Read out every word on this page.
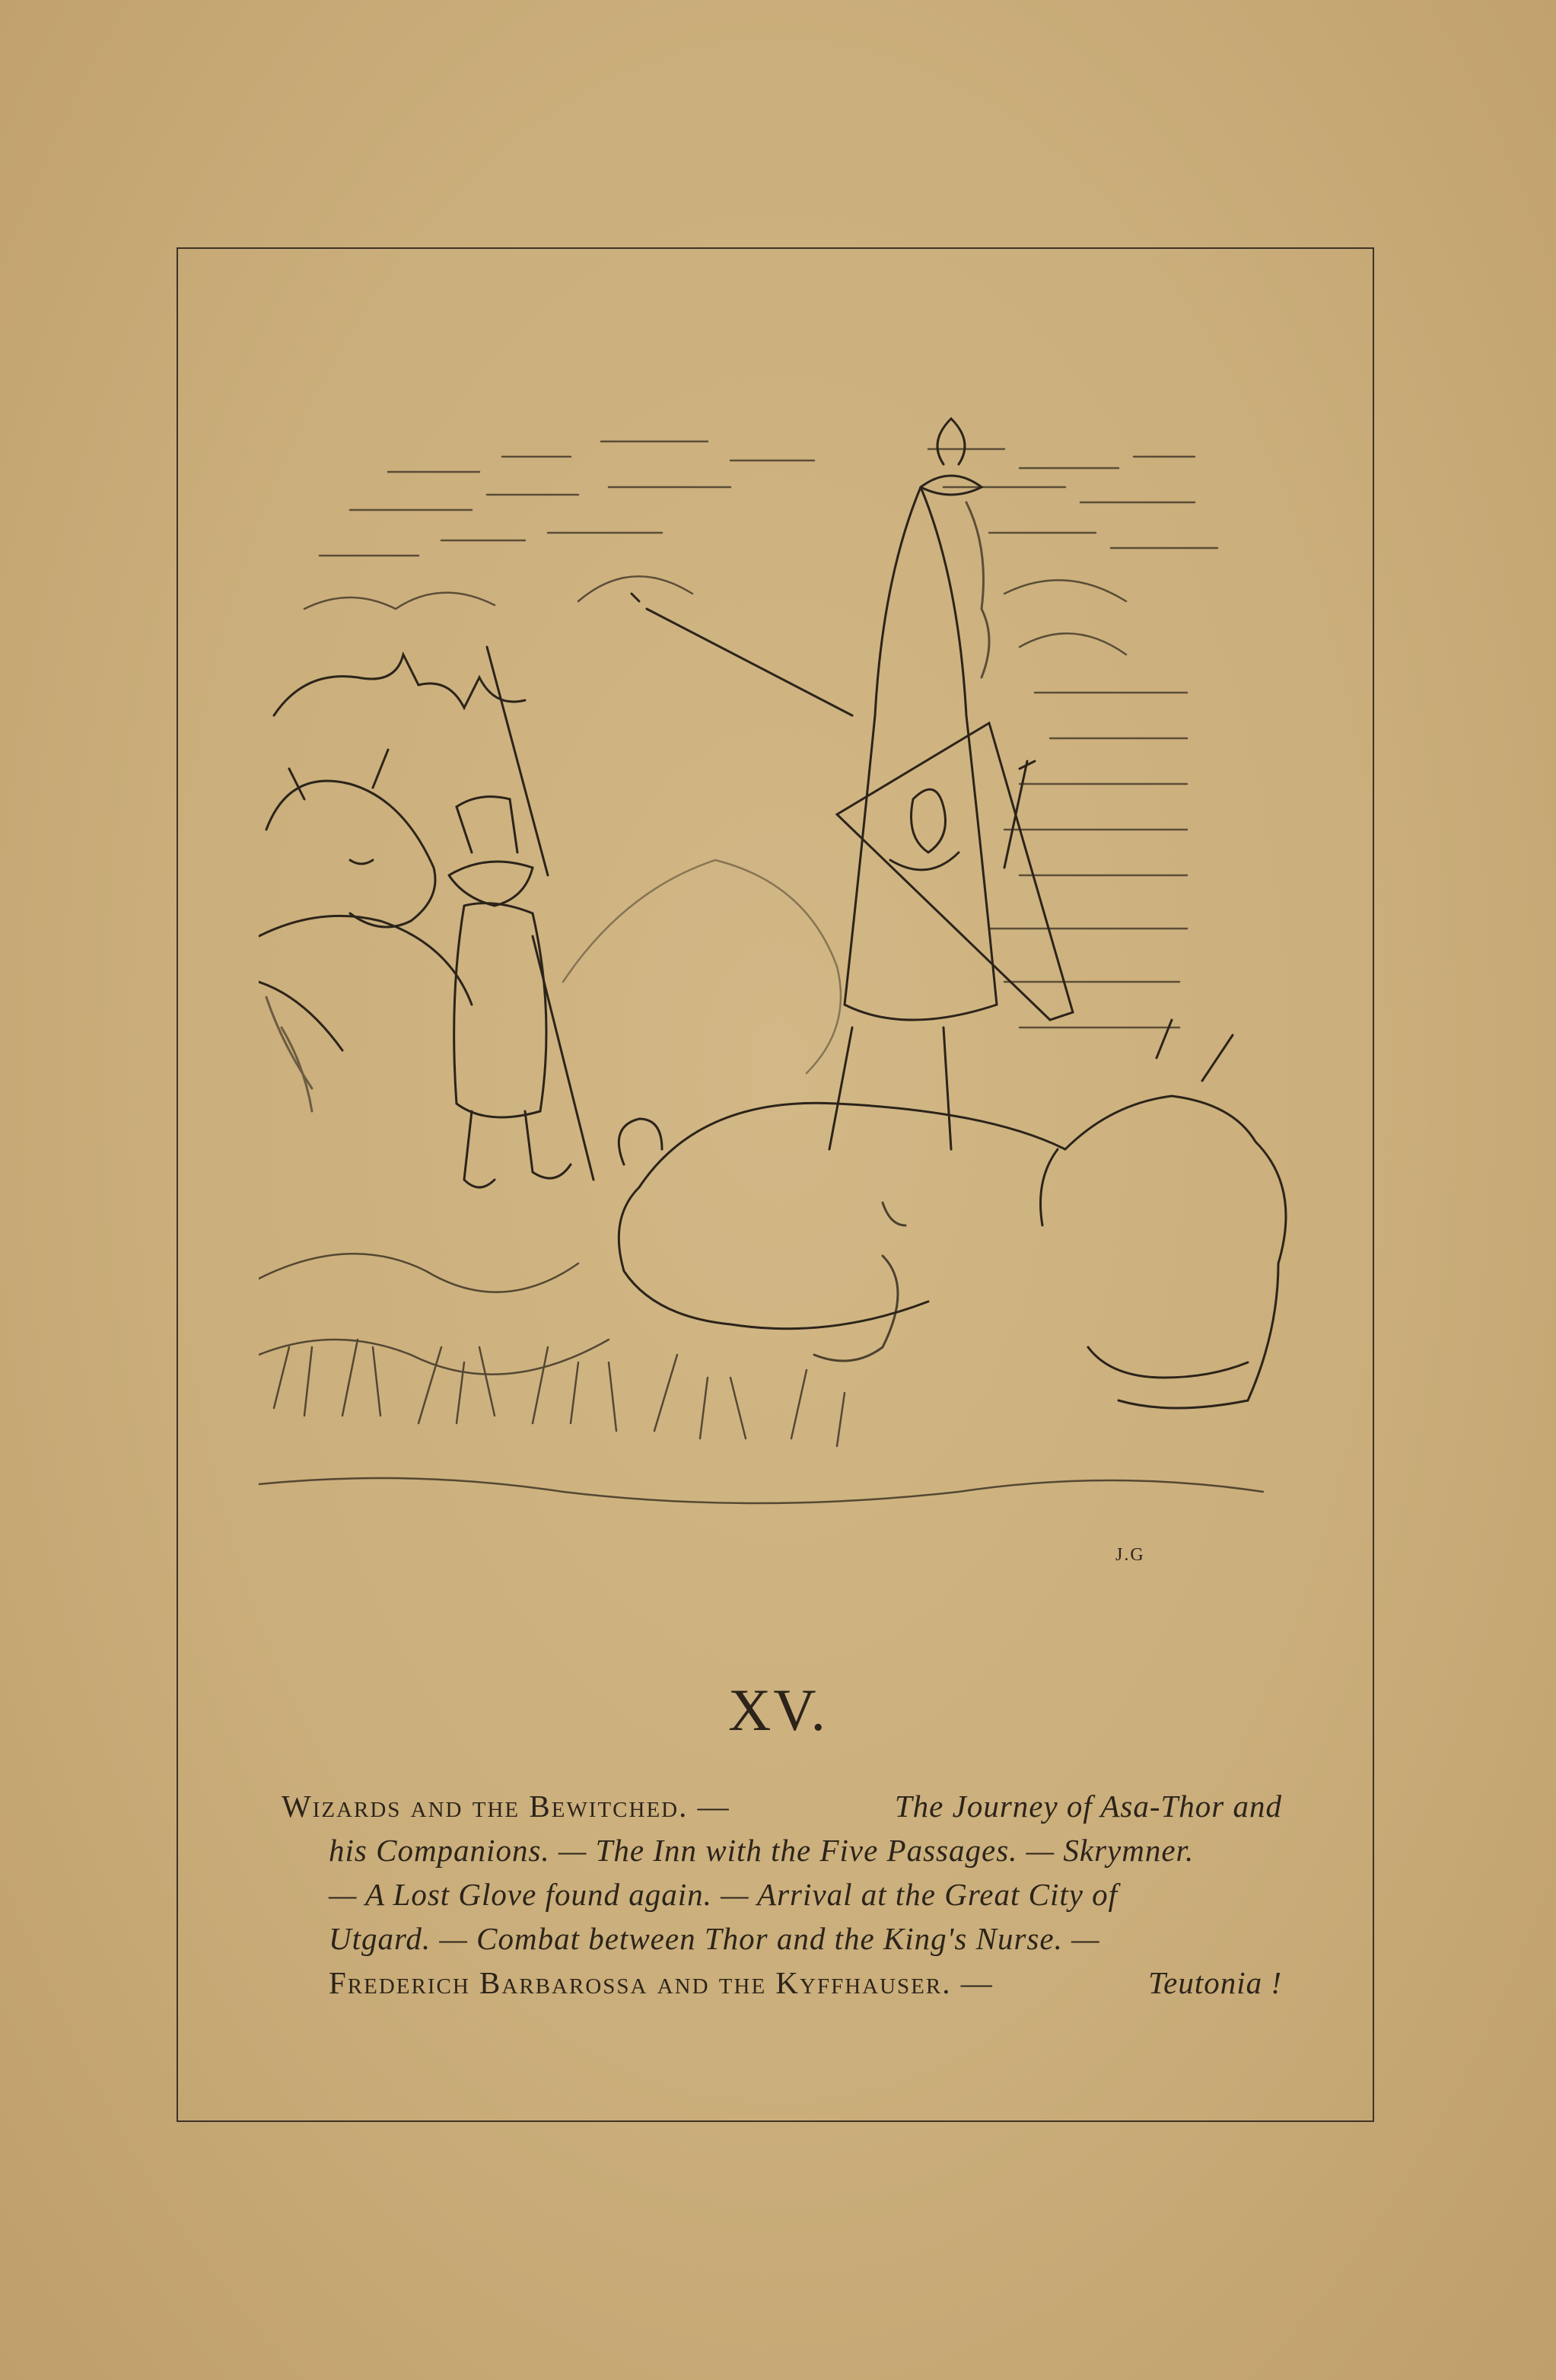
J.G
XV.
Wizards and the Bewitched. —	The Journey of Asa-Thor and
his Companions. — The Inn with the Five Passages. — Skrymner.
— A Lost Glove found again. — Arrival at the Great City of
Utgard. — Combat between Thor and the King's Nurse. —
Frederich Barbarossa and the Kyffhauser. —	Teutonia !
